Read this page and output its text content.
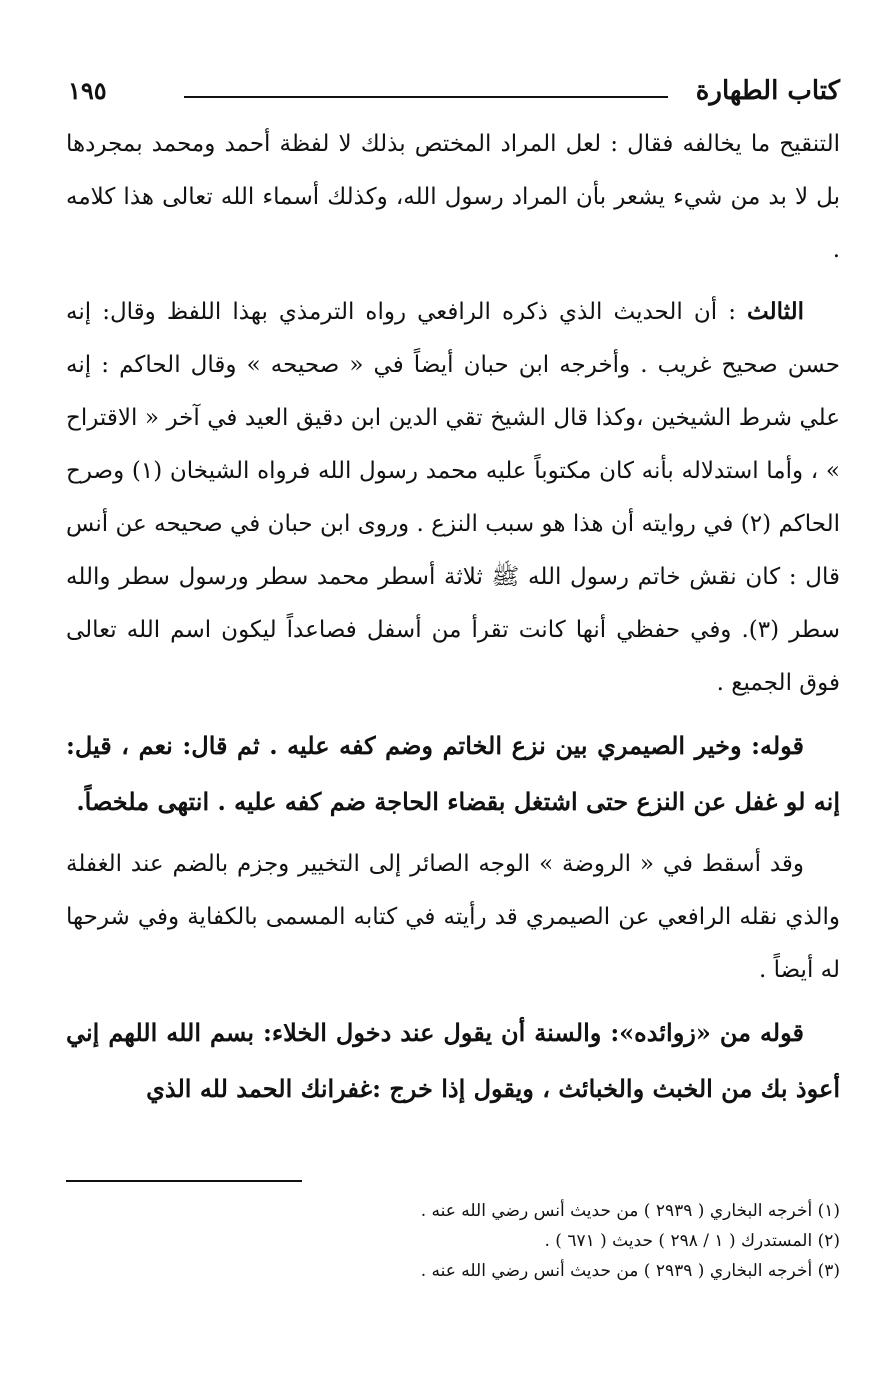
كتاب الطهارة
١٩٥

التنقيح ما يخالفه فقال : لعل المراد المختص بذلك لا لفظة أحمد ومحمد بمجردها بل لا بد من شيء يشعر بأن المراد رسول الله، وكذلك أسماء الله تعالى هذا كلامه .

الثالث : أن الحديث الذي ذكره الرافعي رواه الترمذي بهذا اللفظ وقال: إنه حسن صحيح غريب . وأخرجه ابن حبان أيضاً في « صحيحه » وقال الحاكم : إنه علي شرط الشيخين ،وكذا قال الشيخ تقي الدين ابن دقيق العيد في آخر « الاقتراح » ، وأما استدلاله بأنه كان مكتوباً عليه محمد رسول الله فرواه الشيخان (١) وصرح الحاكم (٢) في روايته أن هذا هو سبب النزع . وروى ابن حبان في صحيحه عن أنس قال : كان نقش خاتم رسول الله ﷺ ثلاثة أسطر محمد سطر ورسول سطر والله سطر (٣). وفي حفظي أنها كانت تقرأ من أسفل فصاعداً ليكون اسم الله تعالى فوق الجميع .

قوله: وخير الصيمري بين نزع الخاتم وضم كفه عليه . ثم قال: نعم ، قيل: إنه لو غفل عن النزع حتى اشتغل بقضاء الحاجة ضم كفه عليه . انتهى ملخصاً.

وقد أسقط في « الروضة » الوجه الصائر إلى التخيير وجزم بالضم عند الغفلة والذي نقله الرافعي عن الصيمري قد رأيته في كتابه المسمى بالكفاية وفي شرحها له أيضاً .

قوله من «زوائده»: والسنة أن يقول عند دخول الخلاء: بسم الله اللهم إني أعوذ بك من الخبث والخبائث ، ويقول إذا خرج :غفرانك الحمد لله الذي

(١) أخرجه البخاري ( ٢٩٣٩ ) من حديث أنس رضي الله عنه .
(٢) المستدرك ( ١ / ٢٩٨ ) حديث ( ٦٧١ ) .
(٣) أخرجه البخاري ( ٢٩٣٩ ) من حديث أنس رضي الله عنه .
